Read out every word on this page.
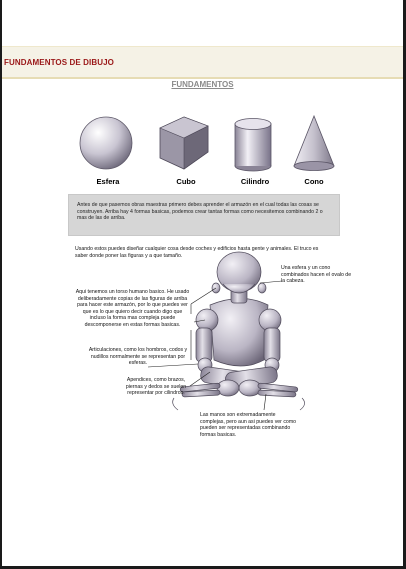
FUNDAMENTOS DE DIBUJO
FUNDAMENTOS
Esfera	Cubo	Cilindro	Cono

Antes de que pasemos obras maestras primero debes aprender el armazón en el cual todas las cosas se construyen. Arriba hay 4 formas basicas, podemos crear tantas formas como necesitemos combinando 2 o mas de las de arriba.

Usando estos puedes diseñar cualquier cosa desde coches y edificios hasta gente y animales. El truco es saber donde poner las figuras y a que tamaño.
Una esfera y un cono combinados hacen el ovalo de la cabeza.
Aqui tenemos un torso humano basico. He usado deliberadamente copias de las figuras de arriba para hacer este armazón, por lo que puedes ver que es lo que quiero decir cuando digo que incluso la forma mas compleja puede descomponerse en estas formas basicas.
Articulaciones, como los hombros, codos y nudillos normalmente se representan por esferas.
Apendices, como brazos, piernas y dedos se suelen representar por cilindros.
Las manos son extremadamente complejas, pero aun asi puedes ver como pueden ser representadas combinando formas basicas.
